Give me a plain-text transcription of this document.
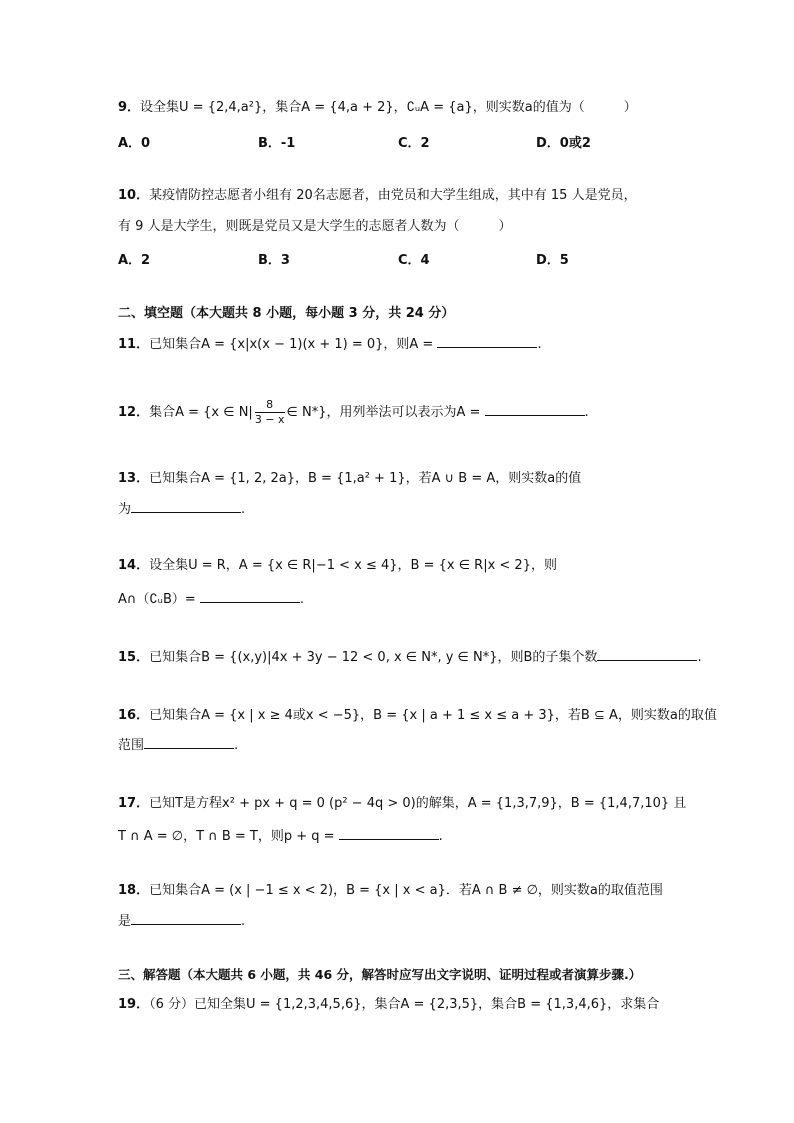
9．设全集U = {2,4,a²}，集合A = {4,a + 2}，∁ᵤA = {a}，则实数a的值为（　　　）
A．0	B．-1	C．2	D．0或2
10．某疫情防控志愿者小组有 20名志愿者，由党员和大学生组成，其中有 15 人是党员，
有 9 人是大学生，则既是党员又是大学生的志愿者人数为（　　　）
A．2	B．3	C．4	D．5
二、填空题（本大题共 8 小题，每小题 3 分，共 24 分）
11．已知集合A = {x|x(x − 1)(x + 1) = 0}，则A =	.
12．集合A = {x ∈ $N| \frac{8}{3 - x}$ ∈ N*}，用列举法可以表示为A =	.
13．已知集合A = {1, 2, 2a}，B = {1,a² + 1}，若A ∪ B = A，则实数a的值
为	.
14．设全集U = R，A = {x ∈ R|−1 < x ≤ 4}，B = {x ∈ R|x < 2}，则
A∩（∁ᵤB）=	.
15．已知集合B = {(x,y)|4x + 3y − 12 < 0, x ∈ N*, y ∈ N*}，则B的子集个数	.
16．已知集合A = {x | x ≥ 4或x < −5}，B = {x | a + 1 ≤ x ≤ a + 3}，若B ⊆ A，则实数a的取值
范围	.
17．已知T是方程x² + px + q = 0 (p² − 4q > 0)的解集，A = {1,3,7,9}，B = {1,4,7,10} 且
T ∩ A = ∅，T ∩ B = T，则p + q =	.
18．已知集合A = (x | −1 ≤ x < 2)，B = {x | x < a}．若A ∩ B ≠ ∅，则实数a的取值范围
是	.
三、解答题（本大题共 6 小题，共 46 分，解答时应写出文字说明、证明过程或者演算步骤.）
19．（6 分）已知全集U = {1,2,3,4,5,6}，集合A = {2,3,5}，集合B = {1,3,4,6}，求集合
